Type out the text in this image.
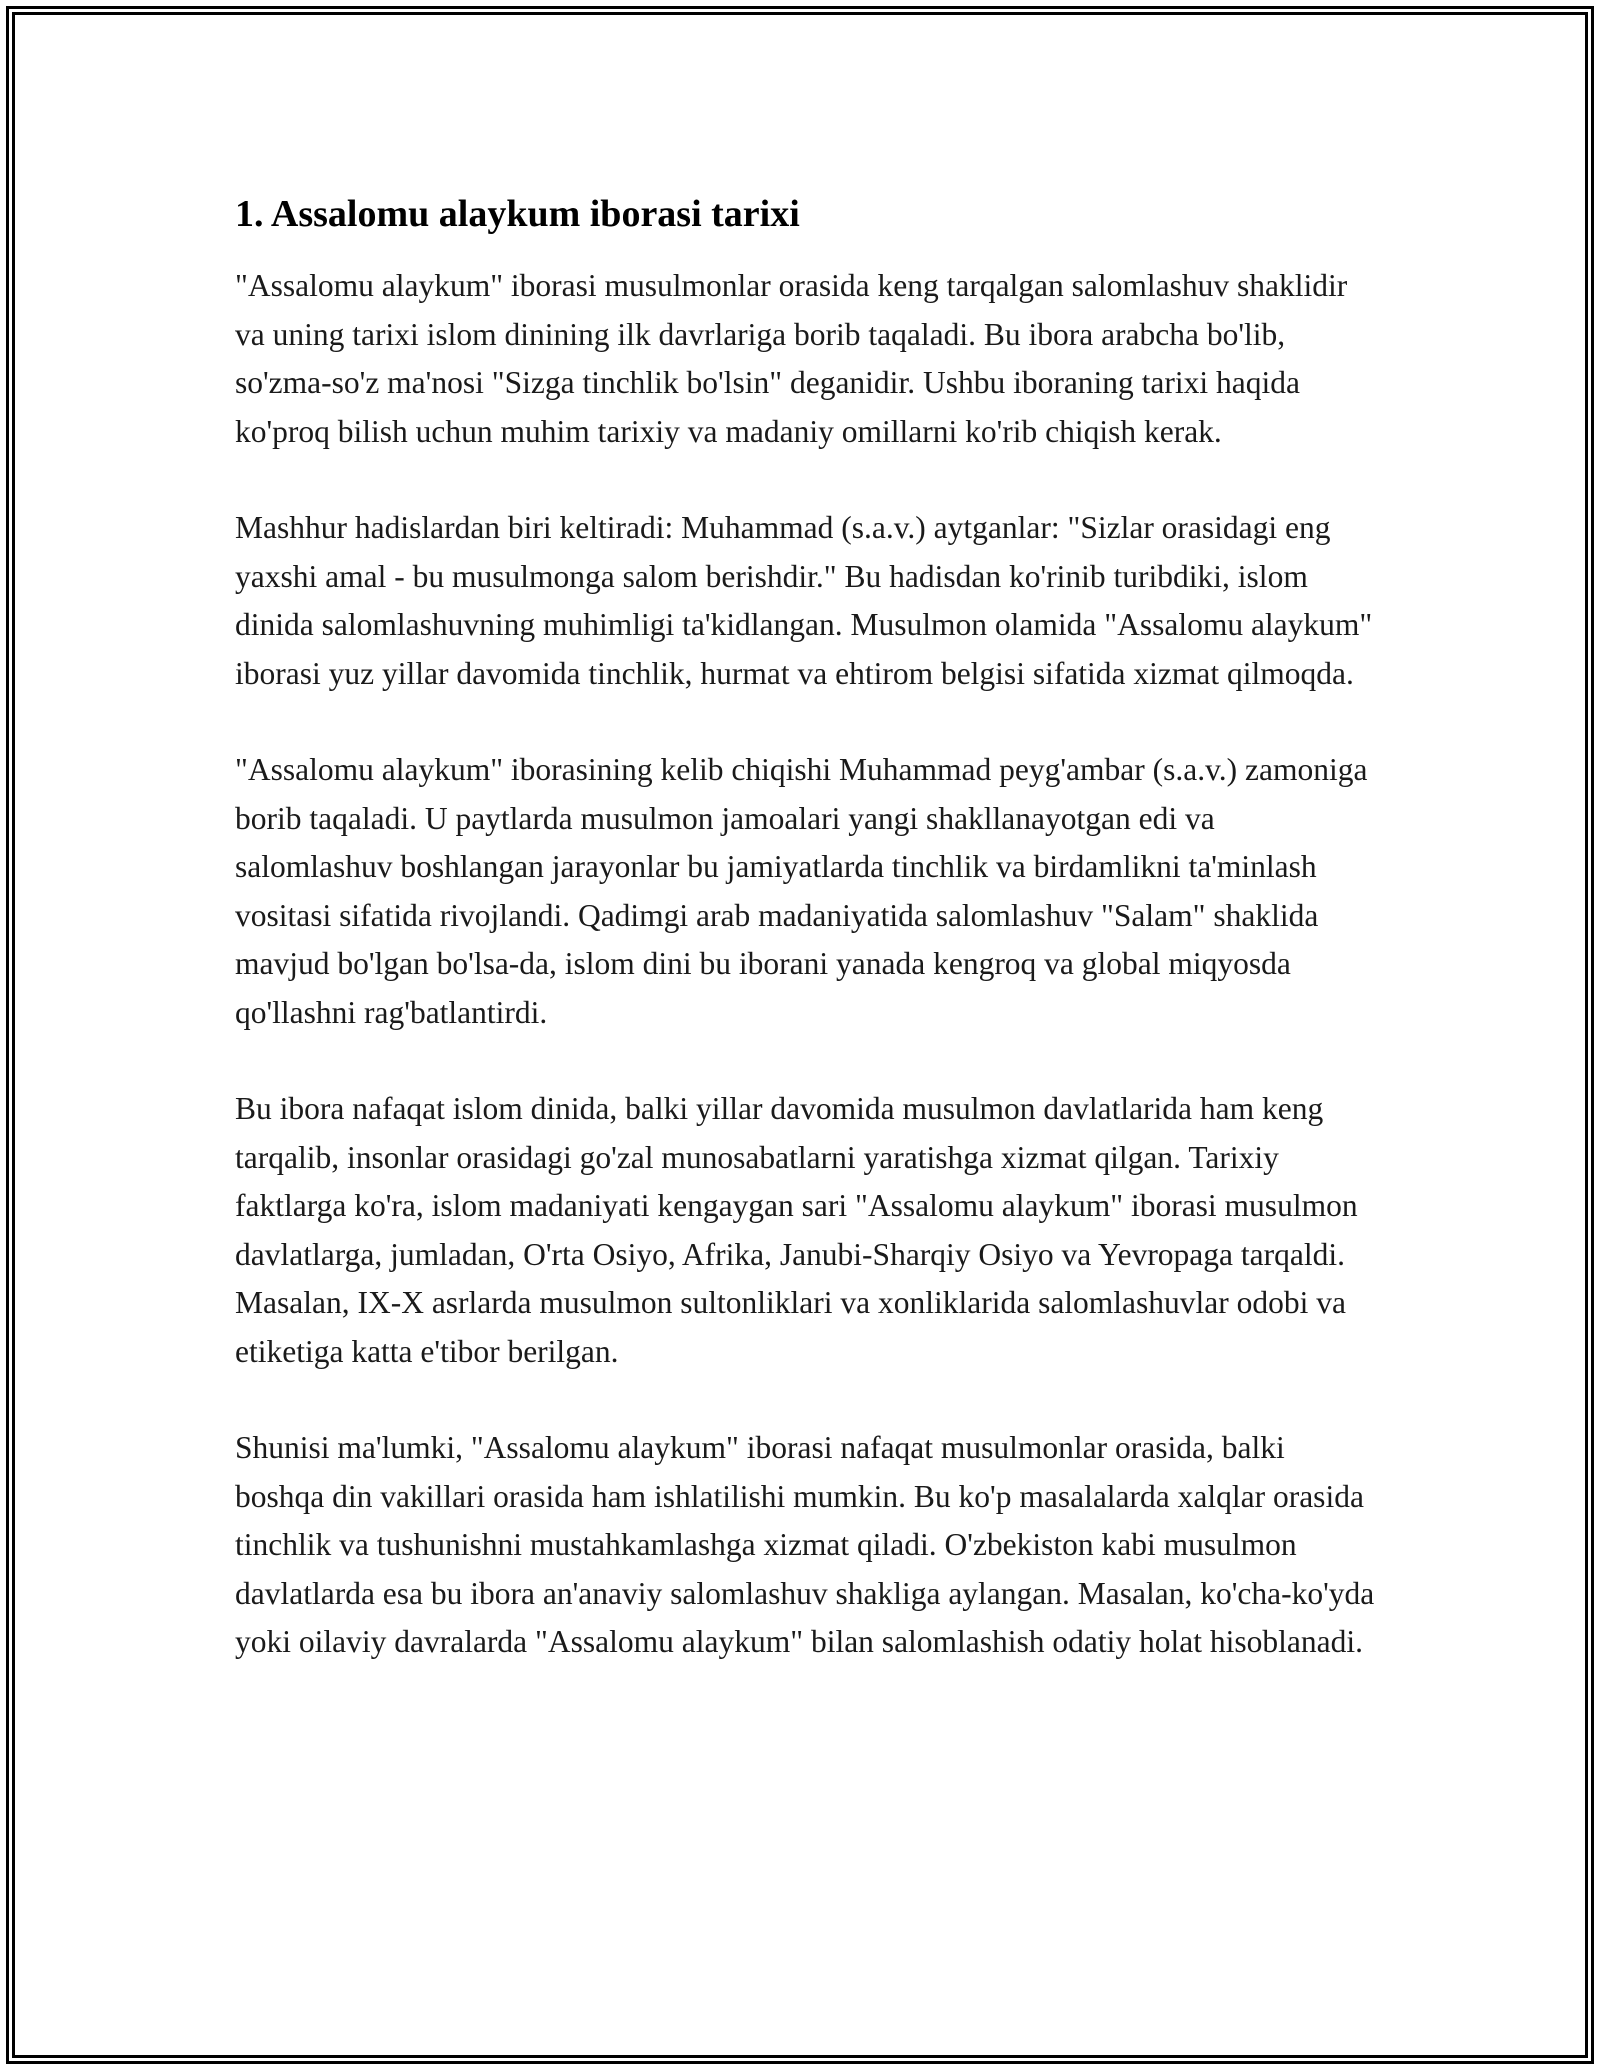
1. Assalomu alaykum iborasi tarixi

"Assalomu alaykum" iborasi musulmonlar orasida keng tarqalgan salomlashuv shaklidir va uning tarixi islom dinining ilk davrlariga borib taqaladi. Bu ibora arabcha bo'lib, so'zma-so'z ma'nosi "Sizga tinchlik bo'lsin" deganidir. Ushbu iboraning tarixi haqida ko'proq bilish uchun muhim tarixiy va madaniy omillarni ko'rib chiqish kerak.

Mashhur hadislardan biri keltiradi: Muhammad (s.a.v.) aytganlar: "Sizlar orasidagi eng yaxshi amal - bu musulmonga salom berishdir." Bu hadisdan ko'rinib turibdiki, islom dinida salomlashuvning muhimligi ta'kidlangan. Musulmon olamida "Assalomu alaykum" iborasi yuz yillar davomida tinchlik, hurmat va ehtirom belgisi sifatida xizmat qilmoqda.

"Assalomu alaykum" iborasining kelib chiqishi Muhammad peyg'ambar (s.a.v.) zamoniga borib taqaladi. U paytlarda musulmon jamoalari yangi shakllanayotgan edi va salomlashuv boshlangan jarayonlar bu jamiyatlarda tinchlik va birdamlikni ta'minlash vositasi sifatida rivojlandi. Qadimgi arab madaniyatida salomlashuv "Salam" shaklida mavjud bo'lgan bo'lsa-da, islom dini bu iborani yanada kengroq va global miqyosda qo'llashni rag'batlantirdi.

Bu ibora nafaqat islom dinida, balki yillar davomida musulmon davlatlarida ham keng tarqalib, insonlar orasidagi go'zal munosabatlarni yaratishga xizmat qilgan. Tarixiy faktlarga ko'ra, islom madaniyati kengaygan sari "Assalomu alaykum" iborasi musulmon davlatlarga, jumladan, O'rta Osiyo, Afrika, Janubi-Sharqiy Osiyo va Yevropaga tarqaldi. Masalan, IX-X asrlarda musulmon sultonliklari va xonliklarida salomlashuvlar odobi va etiketiga katta e'tibor berilgan.

Shunisi ma'lumki, "Assalomu alaykum" iborasi nafaqat musulmonlar orasida, balki boshqa din vakillari orasida ham ishlatilishi mumkin. Bu ko'p masalalarda xalqlar orasida tinchlik va tushunishni mustahkamlashga xizmat qiladi. O'zbekiston kabi musulmon davlatlarda esa bu ibora an'anaviy salomlashuv shakliga aylangan. Masalan, ko'cha-ko'yda yoki oilaviy davralarda "Assalomu alaykum" bilan salomlashish odatiy holat hisoblanadi.
